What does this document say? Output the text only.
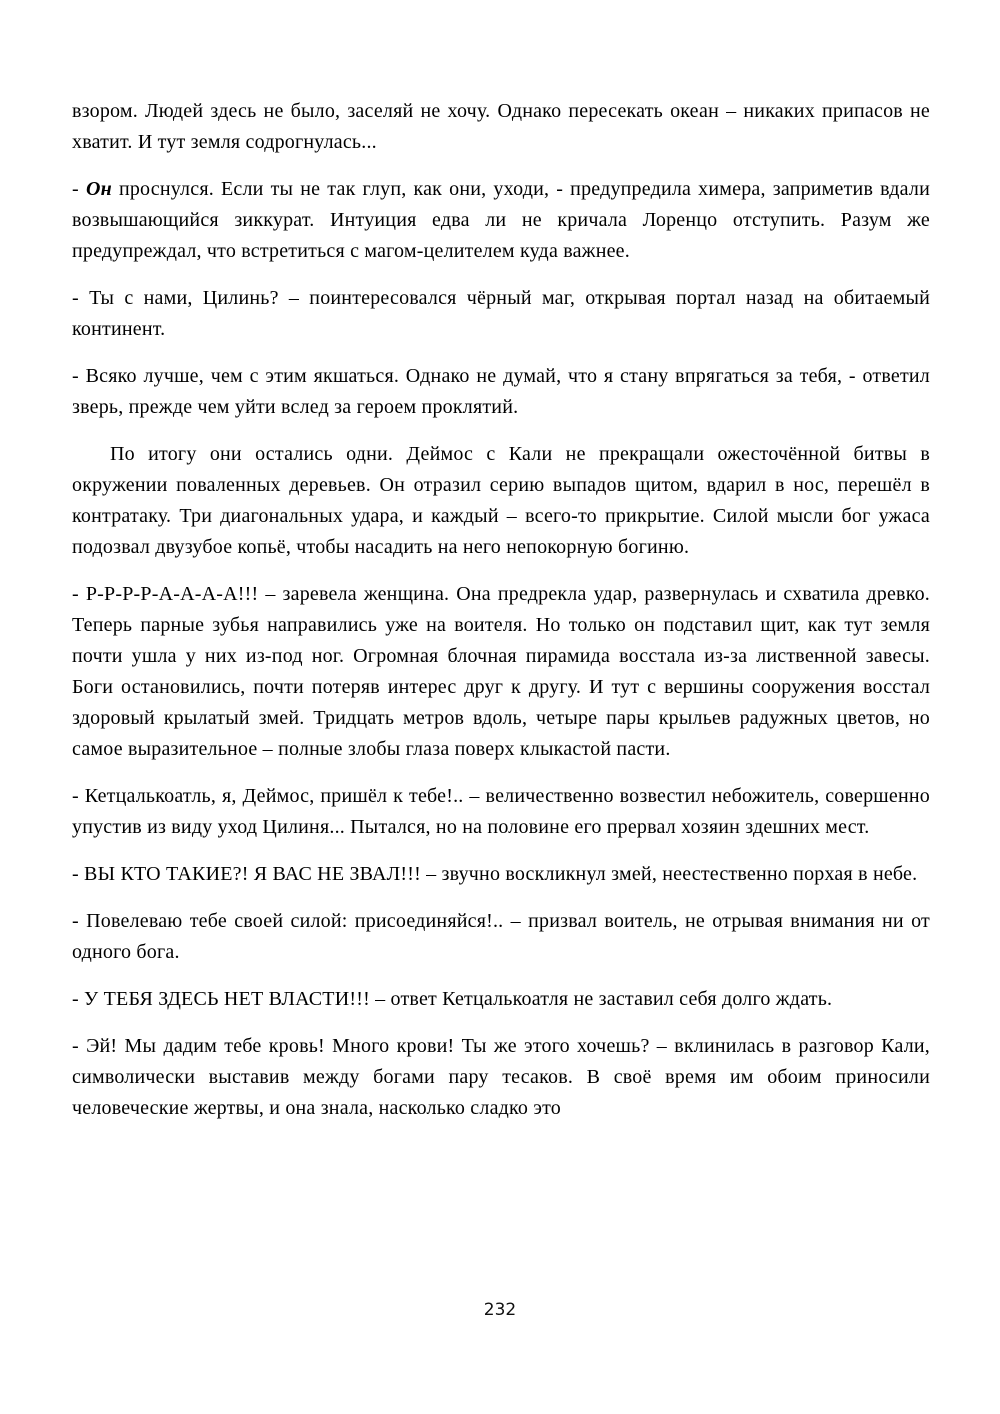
взором. Людей здесь не было, заселяй не хочу. Однако пересекать океан – никаких припасов не хватит. И тут земля содрогнулась...

- Он проснулся. Если ты не так глуп, как они, уходи, - предупредила химера, заприметив вдали возвышающийся зиккурат. Интуиция едва ли не кричала Лоренцо отступить. Разум же предупреждал, что встретиться с магом-целителем куда важнее.

- Ты с нами, Цилинь? – поинтересовался чёрный маг, открывая портал назад на обитаемый континент.

- Всяко лучше, чем с этим якшаться. Однако не думай, что я стану впрягаться за тебя, - ответил зверь, прежде чем уйти вслед за героем проклятий.

По итогу они остались одни. Деймос с Кали не прекращали ожесточённой битвы в окружении поваленных деревьев. Он отразил серию выпадов щитом, вдарил в нос, перешёл в контратаку. Три диагональных удара, и каждый – всего-то прикрытие. Силой мысли бог ужаса подозвал двузубое копьё, чтобы насадить на него непокорную богиню.

- Р-Р-Р-Р-А-А-А-А!!! – заревела женщина. Она предрекла удар, развернулась и схватила древко. Теперь парные зубья направились уже на воителя. Но только он подставил щит, как тут земля почти ушла у них из-под ног. Огромная блочная пирамида восстала из-за лиственной завесы. Боги остановились, почти потеряв интерес друг к другу. И тут с вершины сооружения восстал здоровый крылатый змей. Тридцать метров вдоль, четыре пары крыльев радужных цветов, но самое выразительное – полные злобы глаза поверх клыкастой пасти.

- Кетцалькоатль, я, Деймос, пришёл к тебе!.. – величественно возвестил небожитель, совершенно упустив из виду уход Цилиня... Пытался, но на половине его прервал хозяин здешних мест.

- ВЫ КТО ТАКИЕ?! Я ВАС НЕ ЗВАЛ!!! – звучно воскликнул змей, неестественно порхая в небе.

- Повелеваю тебе своей силой: присоединяйся!.. – призвал воитель, не отрывая внимания ни от одного бога.

- У ТЕБЯ ЗДЕСЬ НЕТ ВЛАСТИ!!! – ответ Кетцалькоатля не заставил себя долго ждать.

- Эй! Мы дадим тебе кровь! Много крови! Ты же этого хочешь? – вклинилась в разговор Кали, символически выставив между богами пару тесаков. В своё время им обоим приносили человеческие жертвы, и она знала, насколько сладко это

232
